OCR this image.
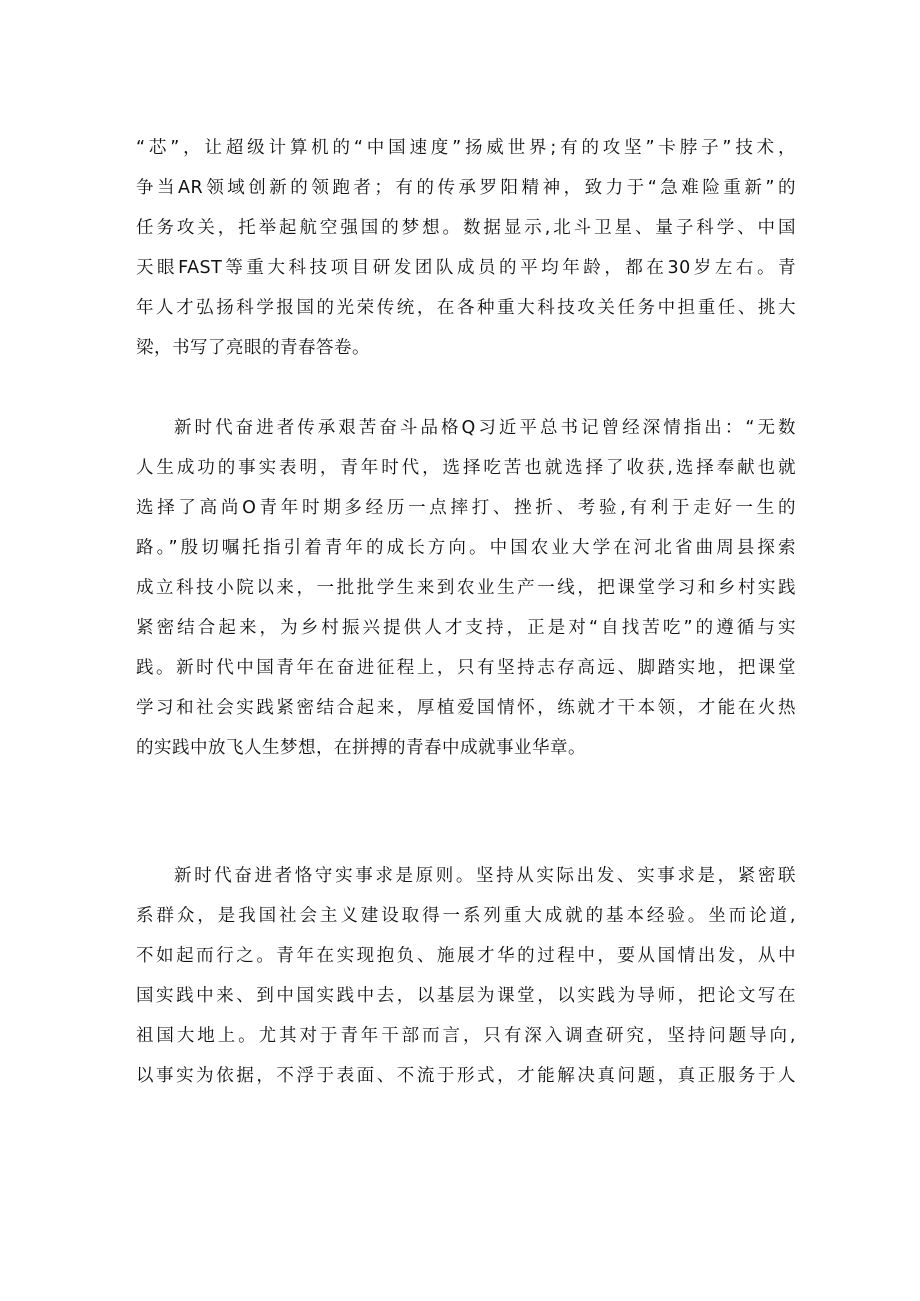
“芯”，让超级计算机的“中国速度”扬威世界;有的攻坚”卡脖子”技术，
争当AR领域创新的领跑者；有的传承罗阳精神，致力于“急难险重新”的
任务攻关，托举起航空强国的梦想。数据显示,北斗卫星、量子科学、中国
天眼FAST等重大科技项目研发团队成员的平均年龄，都在30岁左右。青
年人才弘扬科学报国的光荣传统，在各种重大科技攻关任务中担重任、挑大
梁，书写了亮眼的青春答卷。
新时代奋进者传承艰苦奋斗品格Q习近平总书记曾经深情指出：“无数
人生成功的事实表明，青年时代，选择吃苦也就选择了收获,选择奉献也就
选择了高尚O青年时期多经历一点摔打、挫折、考验,有利于走好一生的
路。”殷切嘱托指引着青年的成长方向。中国农业大学在河北省曲周县探索
成立科技小院以来，一批批学生来到农业生产一线，把课堂学习和乡村实践
紧密结合起来，为乡村振兴提供人才支持，正是对“自找苦吃”的遵循与实
践。新时代中国青年在奋进征程上，只有坚持志存高远、脚踏实地，把课堂
学习和社会实践紧密结合起来，厚植爱国情怀，练就才干本领，才能在火热
的实践中放飞人生梦想，在拼搏的青春中成就事业华章。
新时代奋进者恪守实事求是原则。坚持从实际出发、实事求是，紧密联
系群众，是我国社会主义建设取得一系列重大成就的基本经验。坐而论道,
不如起而行之。青年在实现抱负、施展才华的过程中，要从国情出发，从中
国实践中来、到中国实践中去，以基层为课堂，以实践为导师，把论文写在
祖国大地上。尤其对于青年干部而言，只有深入调查研究，坚持问题导向,
以事实为依据，不浮于表面、不流于形式，才能解决真问题，真正服务于人
